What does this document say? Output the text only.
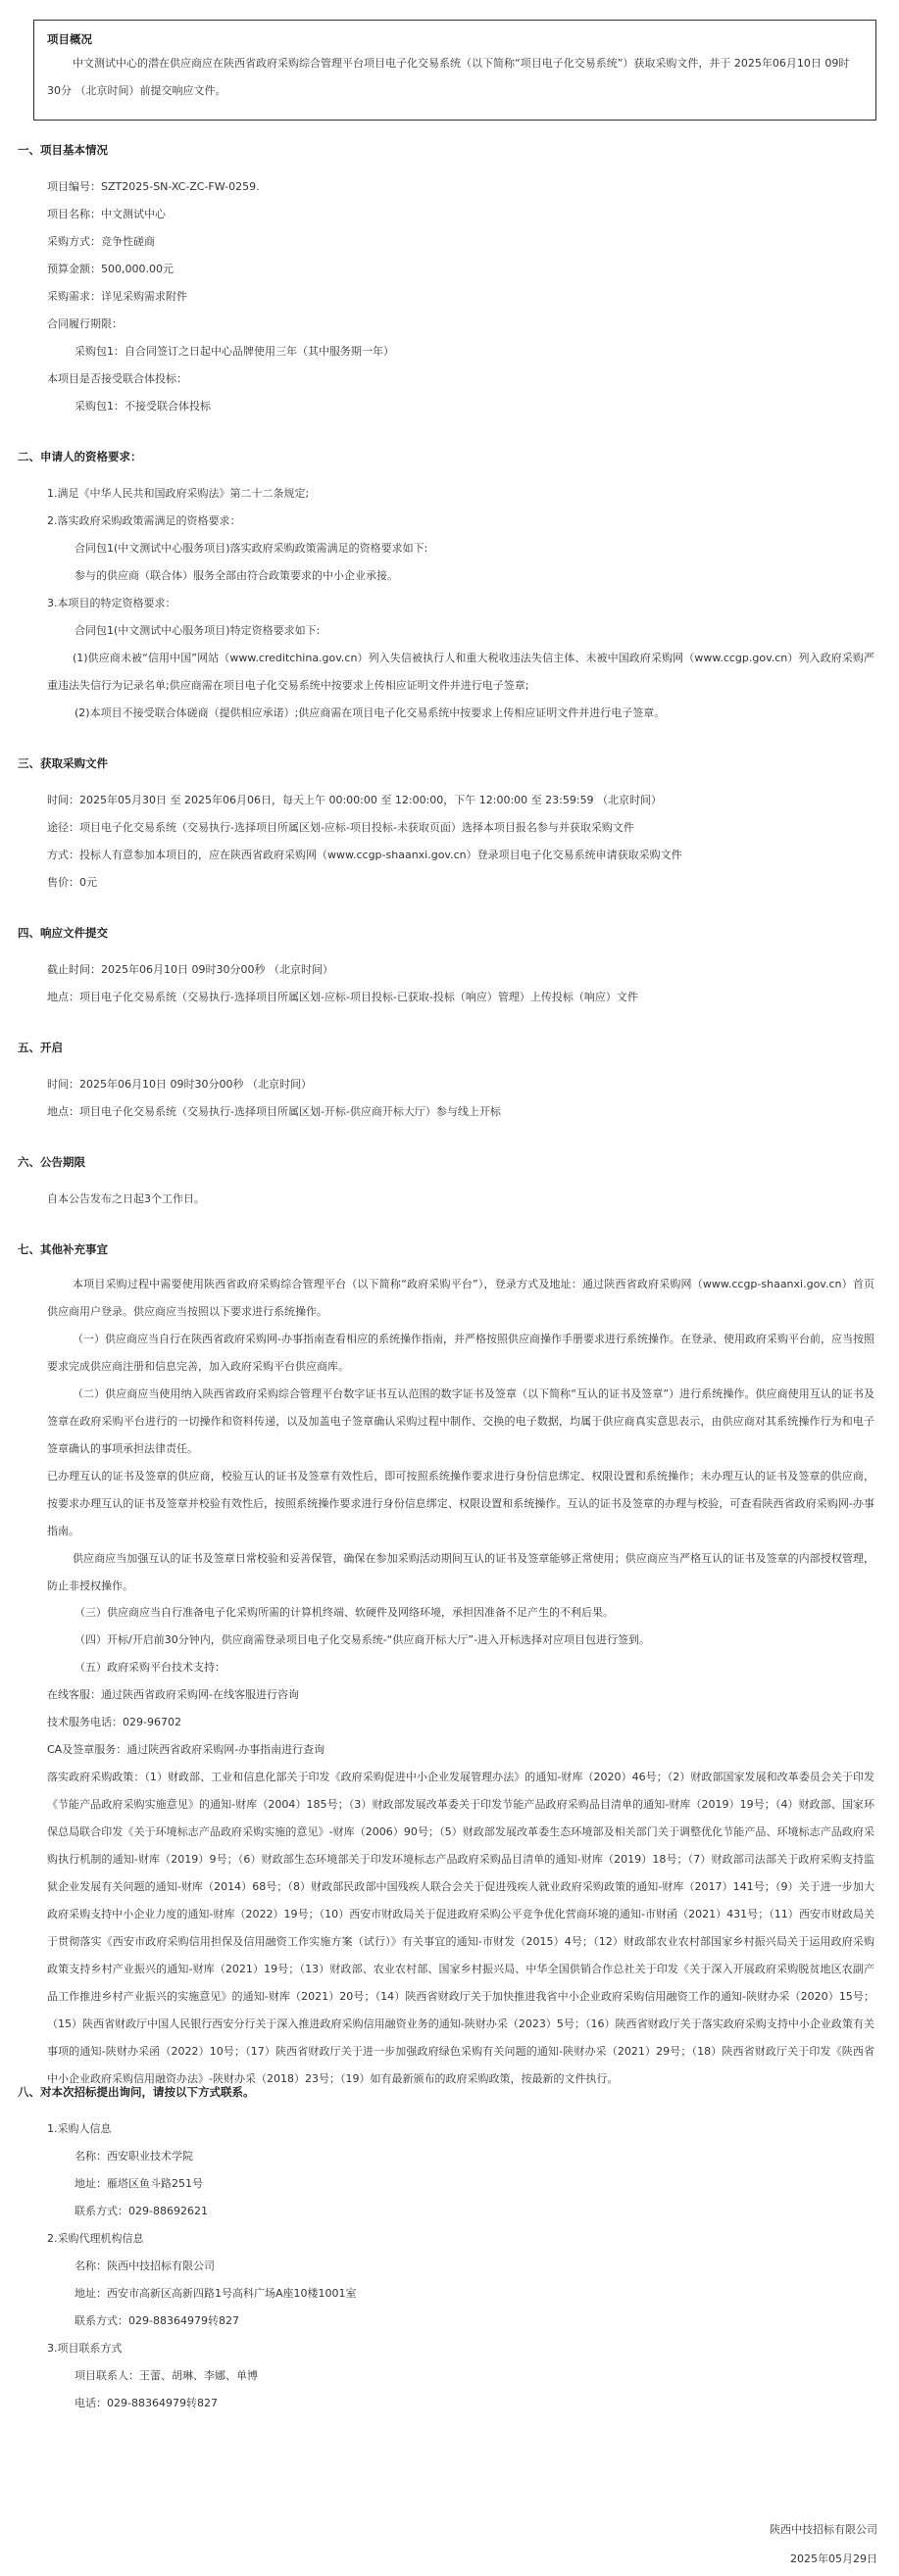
项目概况
中文测试中心的潜在供应商应在陕西省政府采购综合管理平台项目电子化交易系统（以下简称“项目电子化交易系统”）获取采购文件，并于 2025年06月10日 09时30分 （北京时间）前提交响应文件。
一、项目基本情况
项目编号：SZT2025-SN-XC-ZC-FW-0259.
项目名称：中文测试中心
采购方式：竞争性磋商
预算金额：500,000.00元
采购需求：详见采购需求附件
合同履行期限：
采购包1：自合同签订之日起中心品牌使用三年（其中服务期一年）
本项目是否接受联合体投标：
采购包1：不接受联合体投标
二、申请人的资格要求：
1.满足《中华人民共和国政府采购法》第二十二条规定;
2.落实政府采购政策需满足的资格要求：
合同包1(中文测试中心服务项目)落实政府采购政策需满足的资格要求如下:
参与的供应商（联合体）服务全部由符合政策要求的中小企业承接。
3.本项目的特定资格要求：
合同包1(中文测试中心服务项目)特定资格要求如下:
(1)供应商未被“信用中国”网站（www.creditchina.gov.cn）列入失信被执行人和重大税收违法失信主体、未被中国政府采购网（www.ccgp.gov.cn）列入政府采购严重违法失信行为记录名单;供应商需在项目电子化交易系统中按要求上传相应证明文件并进行电子签章;
(2)本项目不接受联合体磋商（提供相应承诺）;供应商需在项目电子化交易系统中按要求上传相应证明文件并进行电子签章。
三、获取采购文件
时间：2025年05月30日 至 2025年06月06日，每天上午 00:00:00 至 12:00:00，下午 12:00:00 至 23:59:59 （北京时间）
途径：项目电子化交易系统（交易执行-选择项目所属区划-应标-项目投标-未获取页面）选择本项目报名参与并获取采购文件
方式：投标人有意参加本项目的，应在陕西省政府采购网（www.ccgp-shaanxi.gov.cn）登录项目电子化交易系统申请获取采购文件
售价：0元
四、响应文件提交
截止时间：2025年06月10日 09时30分00秒 （北京时间）
地点：项目电子化交易系统（交易执行-选择项目所属区划-应标-项目投标-已获取-投标（响应）管理）上传投标（响应）文件
五、开启
时间：2025年06月10日 09时30分00秒 （北京时间）
地点：项目电子化交易系统（交易执行-选择项目所属区划-开标-供应商开标大厅）参与线上开标
六、公告期限
自本公告发布之日起3个工作日。
七、其他补充事宜
本项目采购过程中需要使用陕西省政府采购综合管理平台（以下简称“政府采购平台”），登录方式及地址：通过陕西省政府采购网（www.ccgp-shaanxi.gov.cn）首页供应商用户登录。供应商应当按照以下要求进行系统操作。
（一）供应商应当自行在陕西省政府采购网-办事指南查看相应的系统操作指南，并严格按照供应商操作手册要求进行系统操作。在登录、使用政府采购平台前，应当按照要求完成供应商注册和信息完善，加入政府采购平台供应商库。
（二）供应商应当使用纳入陕西省政府采购综合管理平台数字证书互认范围的数字证书及签章（以下简称“互认的证书及签章”）进行系统操作。供应商使用互认的证书及签章在政府采购平台进行的一切操作和资料传递，以及加盖电子签章确认采购过程中制作、交换的电子数据，均属于供应商真实意思表示，由供应商对其系统操作行为和电子签章确认的事项承担法律责任。
已办理互认的证书及签章的供应商，校验互认的证书及签章有效性后，即可按照系统操作要求进行身份信息绑定、权限设置和系统操作；未办理互认的证书及签章的供应商，按要求办理互认的证书及签章并校验有效性后，按照系统操作要求进行身份信息绑定、权限设置和系统操作。互认的证书及签章的办理与校验，可查看陕西省政府采购网-办事指南。
供应商应当加强互认的证书及签章日常校验和妥善保管，确保在参加采购活动期间互认的证书及签章能够正常使用；供应商应当严格互认的证书及签章的内部授权管理，防止非授权操作。
（三）供应商应当自行准备电子化采购所需的计算机终端、软硬件及网络环境，承担因准备不足产生的不利后果。
（四）开标/开启前30分钟内，供应商需登录项目电子化交易系统-“供应商开标大厅”-进入开标选择对应项目包进行签到。
（五）政府采购平台技术支持：
在线客服：通过陕西省政府采购网-在线客服进行咨询
技术服务电话：029-96702
CA及签章服务：通过陕西省政府采购网-办事指南进行查询
落实政府采购政策：（1）财政部、工业和信息化部关于印发《政府采购促进中小企业发展管理办法》的通知-财库（2020）46号；（2）财政部国家发展和改革委员会关于印发《节能产品政府采购实施意见》的通知-财库（2004）185号；（3）财政部发展改革委关于印发节能产品政府采购品目清单的通知-财库（2019）19号；（4）财政部、国家环保总局联合印发《关于环境标志产品政府采购实施的意见》-财库（2006）90号；（5）财政部发展改革委生态环境部及相关部门关于调整优化节能产品、环境标志产品政府采购执行机制的通知-财库（2019）9号；（6）财政部生态环境部关于印发环境标志产品政府采购品目清单的通知-财库（2019）18号；（7）财政部司法部关于政府采购支持监狱企业发展有关问题的通知-财库（2014）68号；（8）财政部民政部中国残疾人联合会关于促进残疾人就业政府采购政策的通知-财库（2017）141号；（9）关于进一步加大政府采购支持中小企业力度的通知-财库（2022）19号；（10）西安市财政局关于促进政府采购公平竞争优化营商环境的通知-市财函（2021）431号；（11）西安市财政局关于贯彻落实《西安市政府采购信用担保及信用融资工作实施方案（试行）》有关事宜的通知-市财发（2015）4号；（12）财政部农业农村部国家乡村振兴局关于运用政府采购政策支持乡村产业振兴的通知-财库（2021）19号；（13）财政部、农业农村部、国家乡村振兴局、中华全国供销合作总社关于印发《关于深入开展政府采购脱贫地区农副产品工作推进乡村产业振兴的实施意见》的通知-财库（2021）20号；（14）陕西省财政厅关于加快推进我省中小企业政府采购信用融资工作的通知-陕财办采（2020）15号；（15）陕西省财政厅中国人民银行西安分行关于深入推进政府采购信用融资业务的通知-陕财办采（2023）5号；（16）陕西省财政厅关于落实政府采购支持中小企业政策有关事项的通知-陕财办采函（2022）10号；（17）陕西省财政厅关于进一步加强政府绿色采购有关问题的通知-陕财办采（2021）29号；（18）陕西省财政厅关于印发《陕西省中小企业政府采购信用融资办法》-陕财办采（2018）23号；（19）如有最新颁布的政府采购政策，按最新的文件执行。
八、对本次招标提出询问，请按以下方式联系。
1.采购人信息
名称：西安职业技术学院
地址：雁塔区鱼斗路251号
联系方式：029-88692621
2.采购代理机构信息
名称：陕西中技招标有限公司
地址：西安市高新区高新四路1号高科广场A座10楼1001室
联系方式：029-88364979转827
3.项目联系方式
项目联系人：王蕾、胡琳、李娜、单博
电话：029-88364979转827
陕西中技招标有限公司
2025年05月29日
